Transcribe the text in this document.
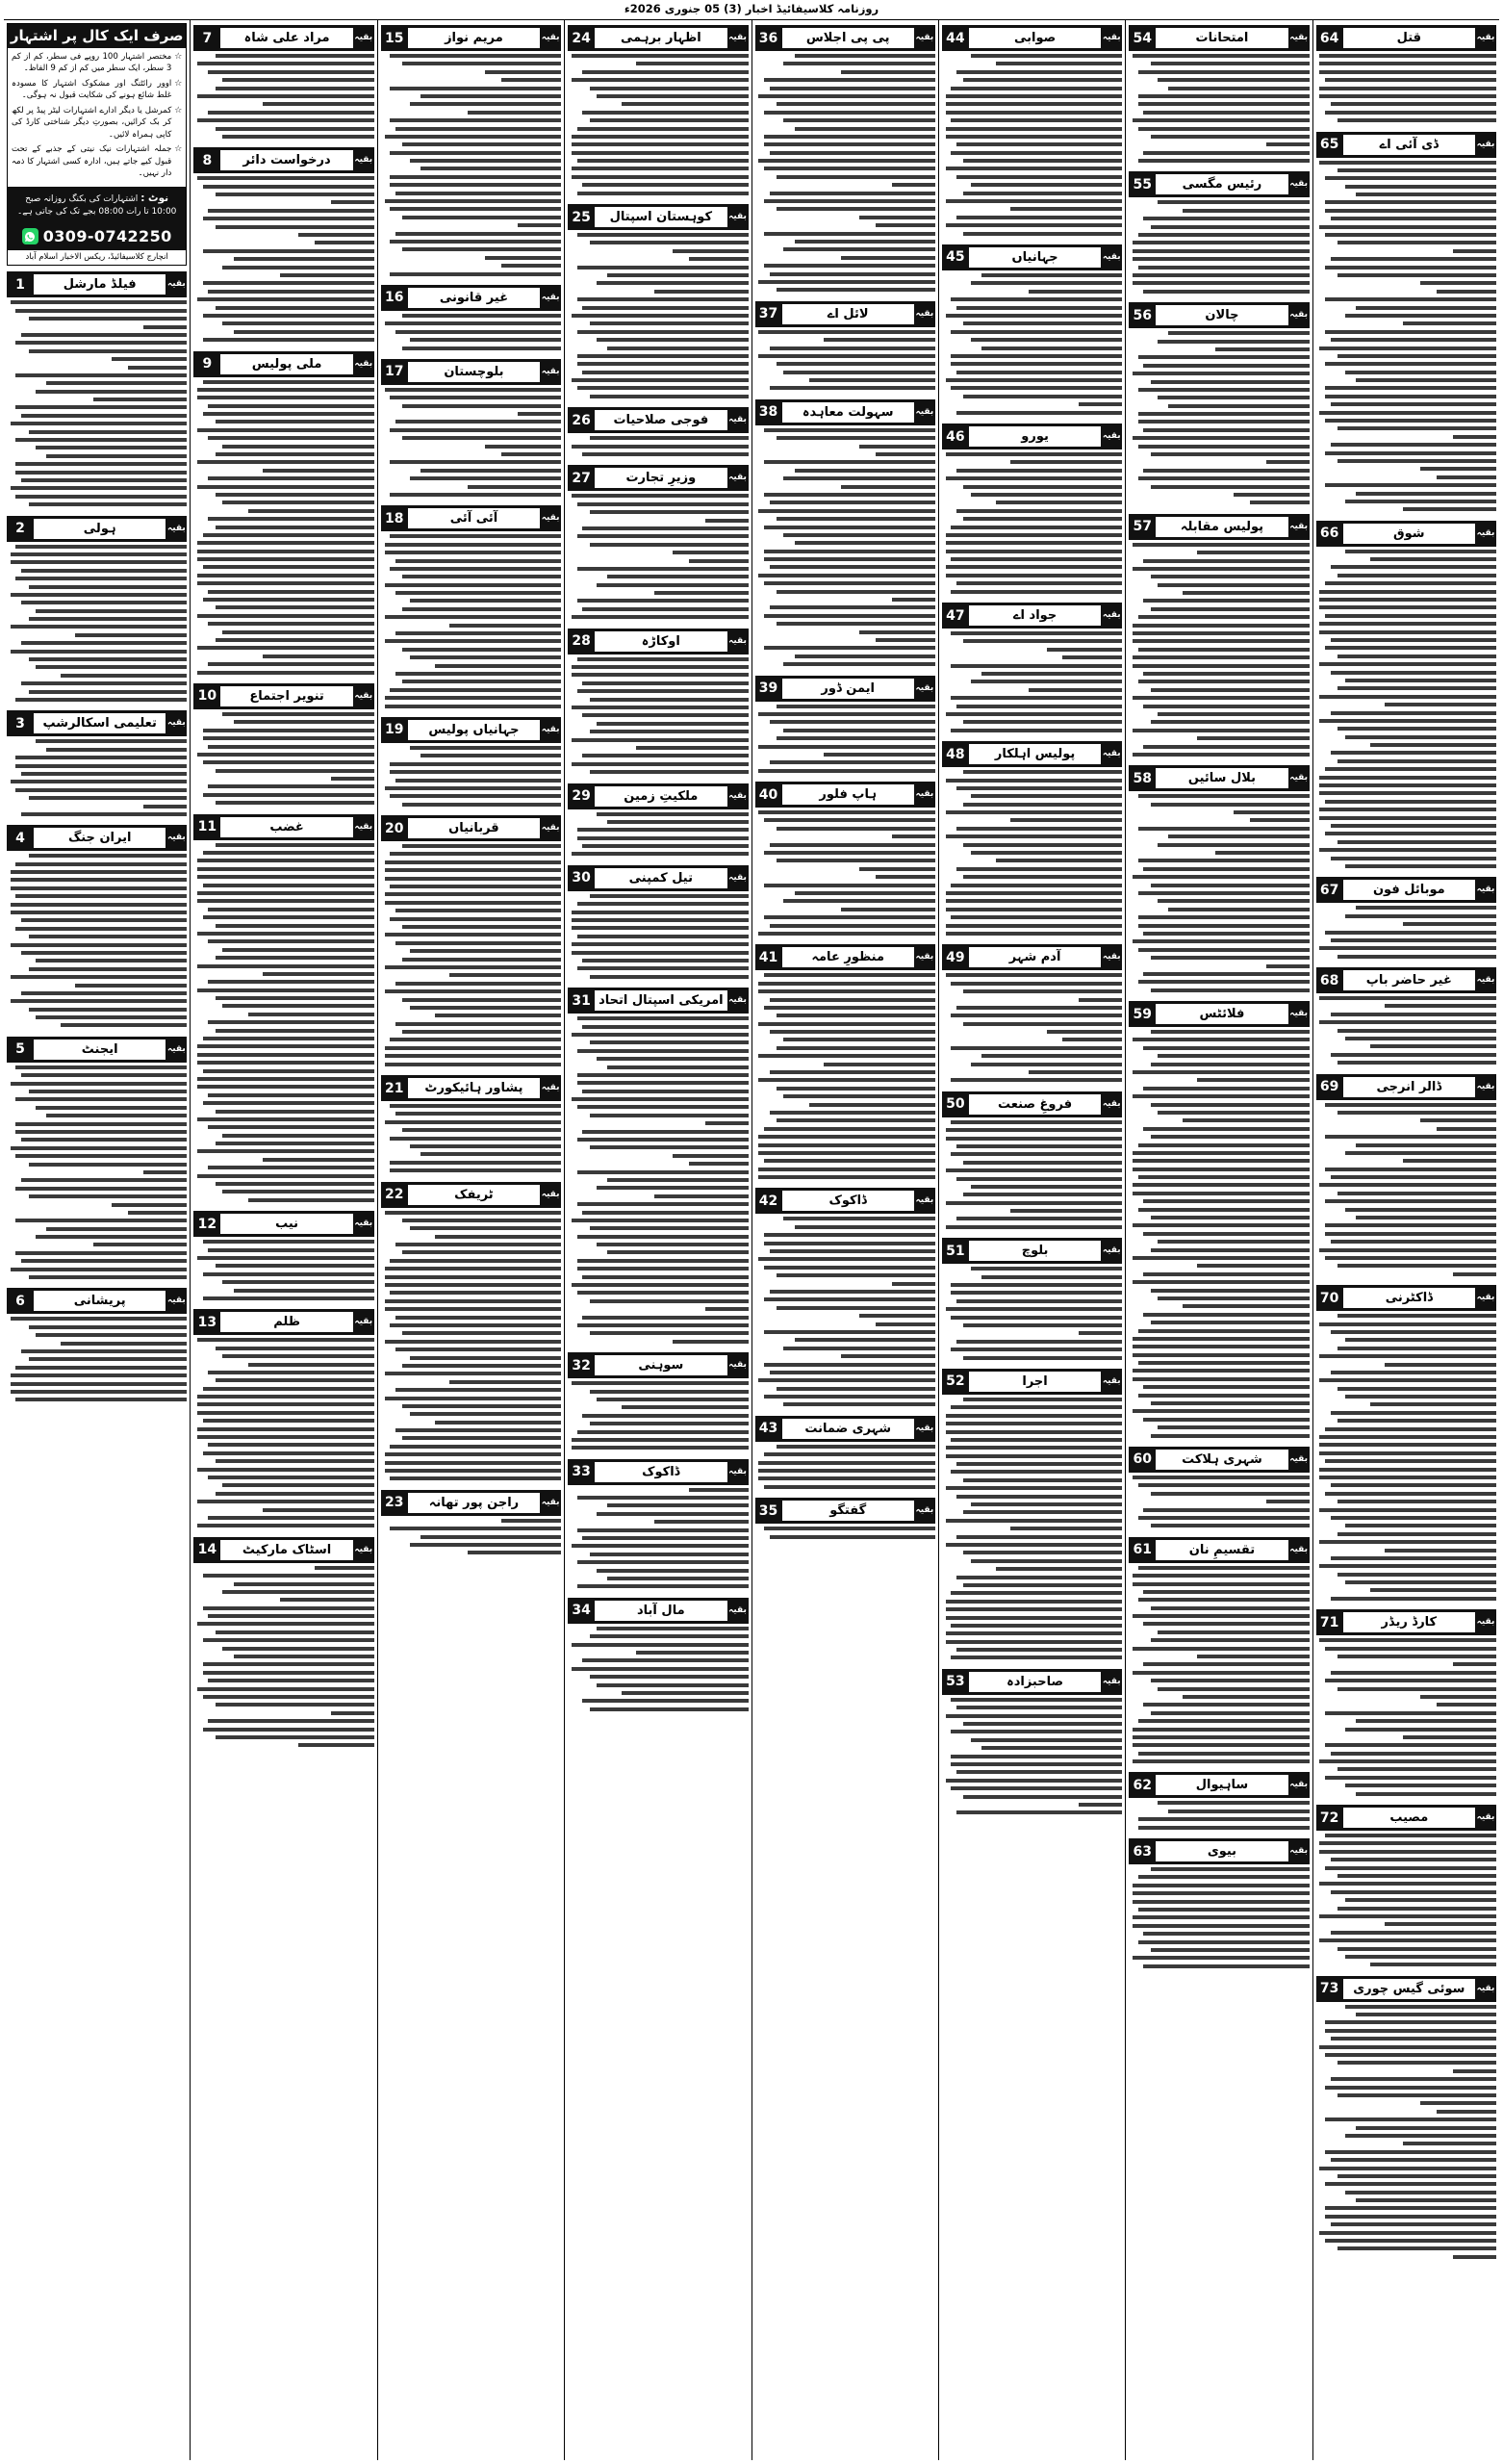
روزنامہ کلاسیفائیڈ اخبار (3) 05 جنوری 2026ء
بقیہ
قتل
64
بقیہ
ڈی آئی اے
65
بقیہ
شوق
66
بقیہ
موبائل فون
67
بقیہ
غیر حاضر باپ
68
بقیہ
ڈالر انرجی
69
بقیہ
ڈاکٹرنی
70
بقیہ
کارڈ ریڈر
71
بقیہ
مصیب
72
بقیہ
سوئی گیس چوری
73
بقیہ
امتحانات
54
بقیہ
رئیس مگسی
55
بقیہ
چالان
56
بقیہ
پولیس مقابلہ
57
بقیہ
بلال سائیں
58
بقیہ
فلائٹس
59
بقیہ
شہری ہلاکت
60
بقیہ
تقسیمِ نان
61
بقیہ
ساہیوال
62
بقیہ
بیوی
63
بقیہ
صوابی
44
بقیہ
جہانیاں
45
بقیہ
یورو
46
بقیہ
جواد اے
47
بقیہ
پولیس اہلکار
48
بقیہ
آدم شہر
49
بقیہ
فروغِ صنعت
50
بقیہ
بلوچ
51
بقیہ
اجرا
52
بقیہ
صاحبزادہ
53
بقیہ
پی پی اجلاس
36
بقیہ
لائل اے
37
بقیہ
سہولت معاہدہ
38
بقیہ
ایمن ڈور
39
بقیہ
ہاپ فلور
40
بقیہ
منظورِ عامہ
41
بقیہ
ڈاکوک
42
بقیہ
شہری ضمانت
43
بقیہ
گفتگو
35
بقیہ
اظہار برہمی
24
بقیہ
کوہستان اسپتال
25
بقیہ
فوجی صلاحیات
26
بقیہ
وزیرِ تجارت
27
بقیہ
اوکاڑہ
28
بقیہ
ملکیتِ زمین
29
بقیہ
تیل کمپنی
30
بقیہ
امریکی اسپتال اتحاد
31
بقیہ
سوہنی
32
بقیہ
ڈاکوک
33
بقیہ
مال آباد
34
بقیہ
مریم نواز
15
بقیہ
غیر قانونی
16
بقیہ
بلوچستان
17
بقیہ
آئی آئی
18
بقیہ
جہانیاں پولیس
19
بقیہ
قربانیاں
20
بقیہ
پشاور ہائیکورٹ
21
بقیہ
ٹریفک
22
بقیہ
راجن پور تھانہ
23
بقیہ
مراد علی شاہ
7
بقیہ
درخواست دائر
8
بقیہ
ملی پولیس
9
بقیہ
تنویر اجتماع
10
بقیہ
غضب
11
بقیہ
نیب
12
بقیہ
ظلم
13
بقیہ
اسٹاک مارکیٹ
14
صرف ایک کال پر اشتہار
☆
مختصر اشتہار 100 روپے فی سطر، کم از کم 3 سطر، ایک سطر میں کم از کم 9 الفاظ۔
☆
اوور رائٹنگ اور مشکوک اشتہار کا مسودہ غلط شائع ہونے کی شکایت قبول نہ ہوگی۔
☆
کمرشل یا دیگر ادارے اشتہارات لیٹر پیڈ پر لکھ کر بک کرائیں، بصورتِ دیگر شناختی کارڈ کی کاپی ہمراہ لائیں۔
☆
جملہ اشتہارات نیک نیتی کے جذبے کے تحت قبول کیے جاتے ہیں، ادارہ کسی اشتہار کا ذمہ دار نہیں۔
نوٹ : اشتہارات کی بکنگ روزانہ صبح 10:00 تا رات 08:00 بجے تک کی جاتی ہے۔
0309-0742250
انچارج کلاسیفائیڈ، ریکس الاخبار اسلام آباد
بقیہ
فیلڈ مارشل
1
بقیہ
ہولی
2
بقیہ
تعلیمی اسکالرشپ
3
بقیہ
ایران جنگ
4
بقیہ
ایجنٹ
5
بقیہ
پریشانی
6
